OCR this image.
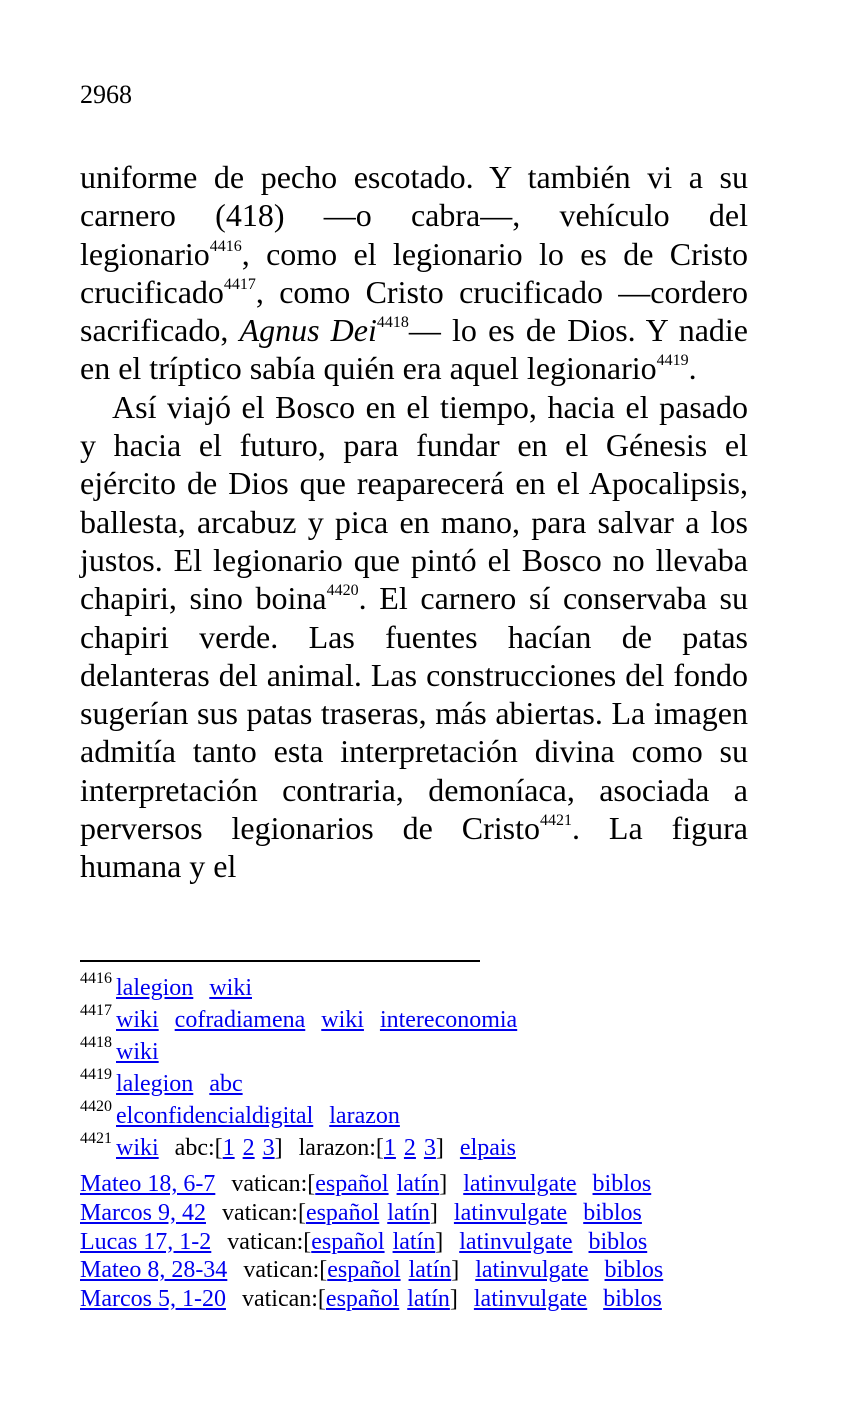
2968

uniforme de pecho escotado. Y también vi a su carnero (418) —o cabra—, vehículo del legionario$^{4416}$, como el legionario lo es de Cristo crucificado$^{4417}$, como Cristo crucificado —cordero sacrificado, Agnus Dei$^{4418}$— lo es de Dios. Y nadie en el tríptico sabía quién era aquel legionario$^{4419}$.

Así viajó el Bosco en el tiempo, hacia el pasado y hacia el futuro, para fundar en el Génesis el ejército de Dios que reaparecerá en el Apocalipsis, ballesta, arcabuz y pica en mano, para salvar a los justos. El legionario que pintó el Bosco no llevaba chapiri, sino boina$^{4420}$. El carnero sí conservaba su chapiri verde. Las fuentes hacían de patas delanteras del animal. Las construcciones del fondo sugerían sus patas traseras, más abiertas. La imagen admitía tanto esta interpretación divina como su interpretación contraria, demoníaca, asociada a perversos legionarios de Cristo$^{4421}$. La figura humana y el

$^{4416}$ lalegion wiki
$^{4417}$ wiki cofradiamena wiki intereconomia
$^{4418}$ wiki
$^{4419}$ lalegion abc
$^{4420}$ elconfidencialdigital larazon
$^{4421}$ wiki abc:[1 2 3] larazon:[1 2 3] elpais
Mateo 18, 6-7 vatican:[español latín] latinvulgate biblos
Marcos 9, 42 vatican:[español latín] latinvulgate biblos
Lucas 17, 1-2 vatican:[español latín] latinvulgate biblos
Mateo 8, 28-34 vatican:[español latín] latinvulgate biblos
Marcos 5, 1-20 vatican:[español latín] latinvulgate biblos
